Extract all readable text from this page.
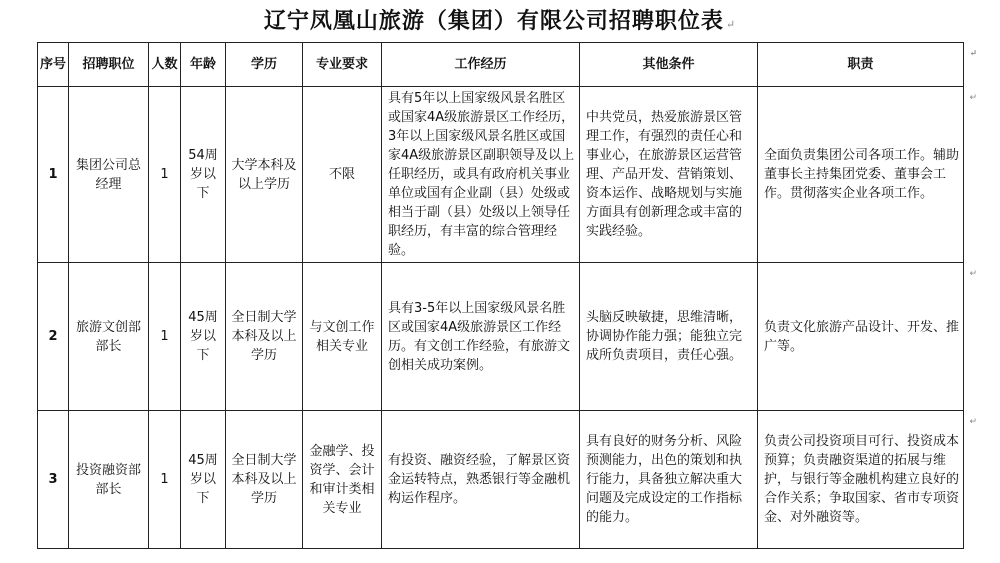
辽宁凤凰山旅游（集团）有限公司招聘职位表 ↵
序号	招聘职位	人数	年龄	学历	专业要求	工作经历	其他条件	职责
↵

1	集团公司总经理	1	54周岁以下	大学本科及以上学历	不限	具有5年以上国家级风景名胜区或国家4A级旅游景区工作经历，3年以上国家级风景名胜区或国家4A级旅游景区副职领导及以上任职经历，或具有政府机关事业单位或国有企业副（县）处级或相当于副（县）处级以上领导任职经历，有丰富的综合管理经验。	中共党员，热爱旅游景区管理工作，有强烈的责任心和事业心，在旅游景区运营管理、产品开发、营销策划、资本运作、战略规划与实施方面具有创新理念或丰富的实践经验。	全面负责集团公司各项工作。辅助董事长主持集团党委、董事会工作。贯彻落实企业各项工作。
↵

2	旅游文创部部长	1	45周岁以下	全日制大学本科及以上学历	与文创工作相关专业	具有3-5年以上国家级风景名胜区或国家4A级旅游景区工作经历。有文创工作经验，有旅游文创相关成功案例。	头脑反映敏捷，思维清晰，协调协作能力强；能独立完成所负责项目，责任心强。	负责文化旅游产品设计、开发、推广等。
↵

3	投资融资部部长	1	45周岁以下	全日制大学本科及以上学历	金融学、投资学、会计和审计类相关专业	有投资、融资经验，了解景区资金运转特点，熟悉银行等金融机构运作程序。	具有良好的财务分析、风险预测能力，出色的策划和执行能力，具备独立解决重大问题及完成设定的工作指标的能力。	负责公司投资项目可行、投资成本预算；负责融资渠道的拓展与维护，与银行等金融机构建立良好的合作关系；争取国家、省市专项资金、对外融资等。
↵
